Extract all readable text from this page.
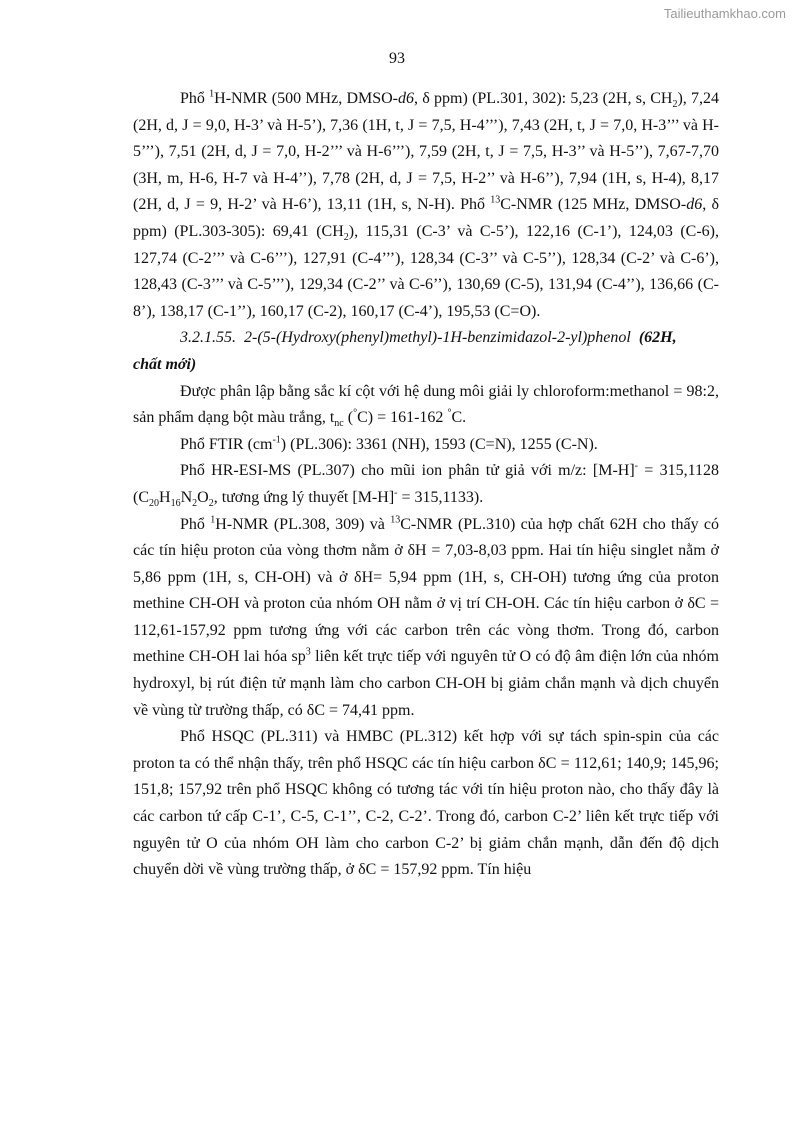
Tailieuthamkhao.com
93

Phổ $^1$H-NMR (500 MHz, DMSO-d6, δ ppm) (PL.301, 302): 5,23 (2H, s, $CH_2$), 7,24 (2H, d, J = 9,0, H-3’ và H-5’), 7,36 (1H, t, J = 7,5, H-4’’’), 7,43 (2H, t, J = 7,0, H-3’’’ và H-5’’’), 7,51 (2H, d, J = 7,0, H-2’’’ và H-6’’’), 7,59 (2H, t, J = 7,5, H-3’’ và H-5’’), 7,67-7,70 (3H, m, H-6, H-7 và H-4’’), 7,78 (2H, d, J = 7,5, H-2’’ và H-6’’), 7,94 (1H, s, H-4), 8,17 (2H, d, J = 9, H-2’ và H-6’), 13,11 (1H, s, N-H). Phổ $^{13}$C-NMR (125 MHz, DMSO-d6, δ ppm) (PL.303-305): 69,41 $(CH_2)$, 115,31 (C-3’ và C-5’), 122,16 (C-1’), 124,03 (C-6), 127,74 (C-2’’’ và C-6’’’), 127,91 (C-4’’’), 128,34 (C-3’’ và C-5’’), 128,34 (C-2’ và C-6’), 128,43 (C-3’’’ và C-5’’’), 129,34 (C-2’’ và C-6’’), 130,69 (C-5), 131,94 (C-4’’), 136,66 (C-8’), 138,17 (C-1’’), 160,17 (C-2), 160,17 (C-4’), 195,53 (C=O).

3.2.1.55. 2-(5-(Hydroxy(phenyl)methyl)-1H-benzimidazol-2-yl)phenol (62H,

chất mới)

Được phân lập bằng sắc kí cột với hệ dung môi giải ly chloroform:methanol = 98:2, sản phẩm dạng bột màu trắng, $t_{nc}$ (°C) = 161-162 °C.

Phổ FTIR $(cm^{-1})$ (PL.306): 3361 (NH), 1593 (C=N), 1255 (C-N).

Phổ HR-ESI-MS (PL.307) cho mũi ion phân tử giả với m/z: [M-H]- = 315,1128 ($C_{20}H_{16}N_2O_2$, tương ứng lý thuyết [M-H]- = 315,1133).

Phổ $^1$H-NMR (PL.308, 309) và $^{13}$C-NMR (PL.310) của hợp chất 62H cho thấy có các tín hiệu proton của vòng thơm nằm ở δH = 7,03-8,03 ppm. Hai tín hiệu singlet nằm ở 5,86 ppm (1H, s, CH-OH) và ở δH= 5,94 ppm (1H, s, CH-OH) tương ứng của proton methine CH-OH và proton của nhóm OH nằm ở vị trí CH-OH. Các tín hiệu carbon ở δC = 112,61-157,92 ppm tương ứng với các carbon trên các vòng thơm. Trong đó, carbon methine CH-OH lai hóa $sp^3$ liên kết trực tiếp với nguyên tử O có độ âm điện lớn của nhóm hydroxyl, bị rút điện tử mạnh làm cho carbon CH-OH bị giảm chắn mạnh và dịch chuyển về vùng từ trường thấp, có δC = 74,41 ppm.

Phổ HSQC (PL.311) và HMBC (PL.312) kết hợp với sự tách spin-spin của các proton ta có thể nhận thấy, trên phổ HSQC các tín hiệu carbon δC = 112,61; 140,9; 145,96; 151,8; 157,92 trên phổ HSQC không có tương tác với tín hiệu proton nào, cho thấy đây là các carbon tứ cấp C-1’, C-5, C-1’’, C-2, C-2’. Trong đó, carbon C-2’ liên kết trực tiếp với nguyên tử O của nhóm OH làm cho carbon C-2’ bị giảm chắn mạnh, dẫn đến độ dịch chuyển dời về vùng trường thấp, ở δC = 157,92 ppm. Tín hiệu
